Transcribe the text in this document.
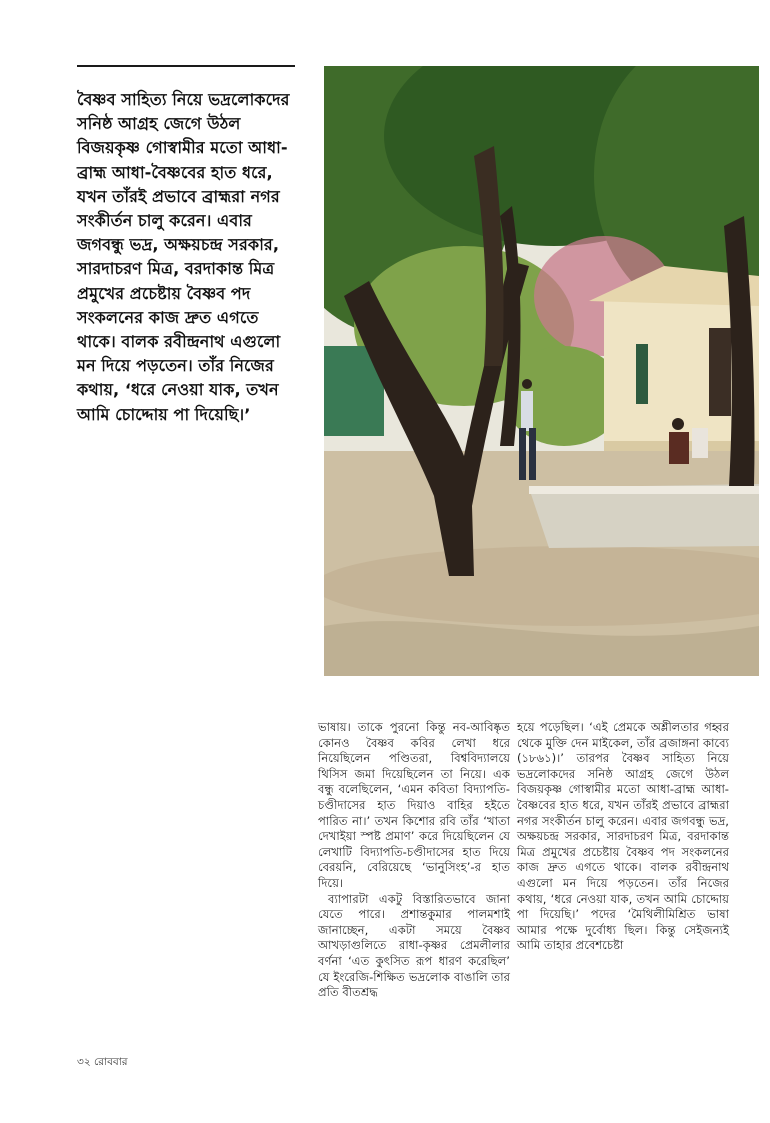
বৈষ্ণব সাহিত্য নিয়ে ভদ্রলোকদের সনিষ্ঠ আগ্রহ জেগে উঠল বিজয়কৃষ্ণ গোস্বামীর মতো আধা-ব্রাহ্ম আধা-বৈষ্ণবের হাত ধরে, যখন তাঁরই প্রভাবে ব্রাহ্মরা নগর সংকীর্তন চালু করেন। এবার জগবন্ধু ভদ্র, অক্ষয়চন্দ্র সরকার, সারদাচরণ মিত্র, বরদাকান্ত মিত্র প্রমুখের প্রচেষ্টায় বৈষ্ণব পদ সংকলনের কাজ দ্রুত এগতে থাকে। বালক রবীন্দ্রনাথ এগুলো মন দিয়ে পড়তেন। তাঁর নিজের কথায়, ‘ধরে নেওয়া যাক, তখন আমি চোদ্দোয় পা দিয়েছি।’

ভাষায়। তাকে পুরনো কিন্তু নব-আবিষ্কৃত কোনও বৈষ্ণব কবির লেখা ধরে নিয়েছিলেন পণ্ডিতরা, বিশ্ববিদ্যালয়ে থিসিস জমা দিয়েছিলেন তা নিয়ে। এক বন্ধু বলেছিলেন, ‘এমন কবিতা বিদ্যাপতি-চণ্ডীদাসের হাত দিয়াও বাহির হইতে পারিত না।’ তখন কিশোর রবি তাঁর ‘খাতা দেখাইয়া স্পষ্ট প্রমাণ’ করে দিয়েছিলেন যে লেখাটি বিদ্যাপতি-চণ্ডীদাসের হাত দিয়ে বেরয়নি, বেরিয়েছে ‘ভানুসিংহ’-র হাত দিয়ে।

ব্যাপারটা একটু বিস্তারিতভাবে জানা যেতে পারে। প্রশান্তকুমার পালমশাই জানাচ্ছেন, একটা সময়ে বৈষ্ণব আখড়াগুলিতে রাধা-কৃষ্ণর প্রেমলীলার বর্ণনা ‘এত কুৎসিত রূপ ধারণ করেছিল’ যে ইংরেজি-শিক্ষিত ভদ্রলোক বাঙালি তার প্রতি বীতশ্রদ্ধ

হয়ে পড়েছিল। ‘এই প্রেমকে অশ্লীলতার গহ্বর থেকে মুক্তি দেন মাইকেল, তাঁর ব্রজাঙ্গনা কাব্যে (১৮৬১)।’ তারপর বৈষ্ণব সাহিত্য নিয়ে ভদ্রলোকদের সনিষ্ঠ আগ্রহ জেগে উঠল বিজয়কৃষ্ণ গোস্বামীর মতো আধা-ব্রাহ্ম আধা-বৈষ্ণবের হাত ধরে, যখন তাঁরই প্রভাবে ব্রাহ্মরা নগর সংকীর্তন চালু করেন। এবার জগবন্ধু ভদ্র, অক্ষয়চন্দ্র সরকার, সারদাচরণ মিত্র, বরদাকান্ত মিত্র প্রমুখের প্রচেষ্টায় বৈষ্ণব পদ সংকলনের কাজ দ্রুত এগতে থাকে। বালক রবীন্দ্রনাথ এগুলো মন দিয়ে পড়তেন। তাঁর নিজের কথায়, ‘ধরে নেওয়া যাক, তখন আমি চোদ্দোয় পা দিয়েছি।’ পদের ‘মৈথিলীমিশ্রিত ভাষা আমার পক্ষে দুর্বোধ্য ছিল। কিন্তু সেইজন্যই আমি তাহার প্রবেশচেষ্টা

৩২ রোববার
